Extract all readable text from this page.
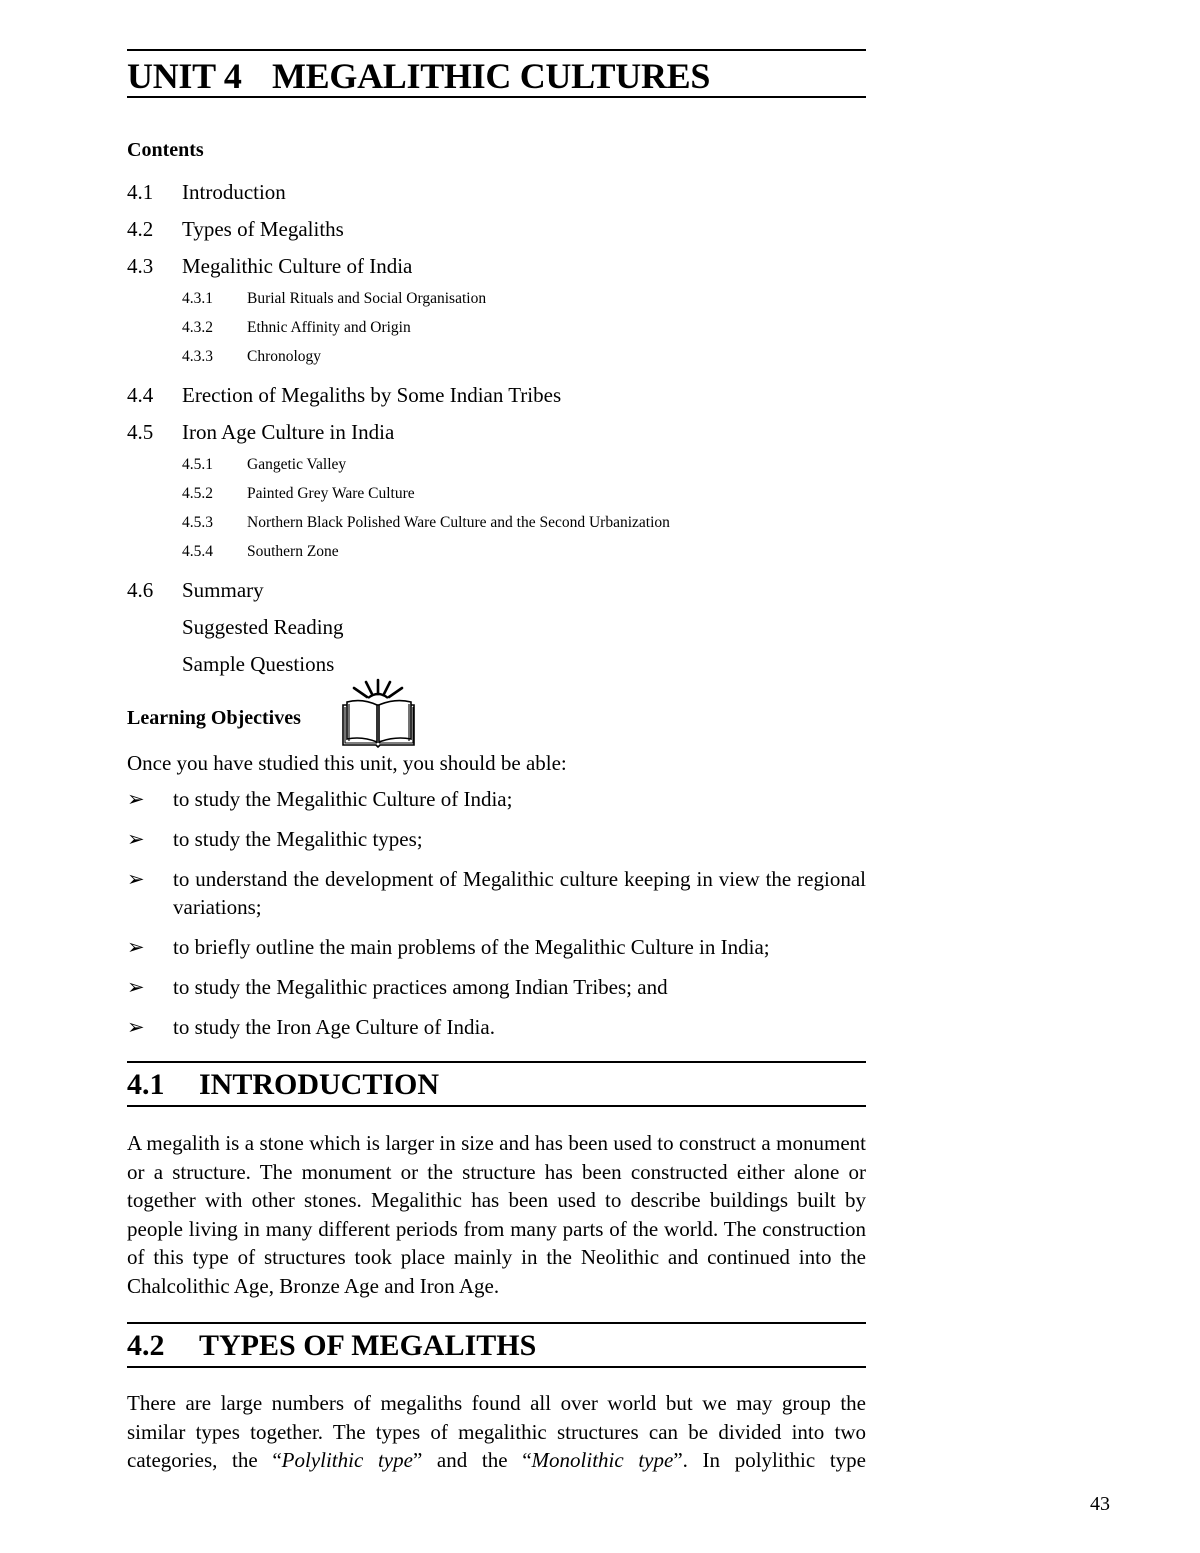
UNIT 4 MEGALITHIC CULTURES
Contents
4.1 Introduction
4.2 Types of Megaliths
4.3 Megalithic Culture of India
4.3.1 Burial Rituals and Social Organisation
4.3.2 Ethnic Affinity and Origin
4.3.3 Chronology
4.4 Erection of Megaliths by Some Indian Tribes
4.5 Iron Age Culture in India
4.5.1 Gangetic Valley
4.5.2 Painted Grey Ware Culture
4.5.3 Northern Black Polished Ware Culture and the Second Urbanization
4.5.4 Southern Zone
4.6 Summary
Suggested Reading
Sample Questions
Learning Objectives
Once you have studied this unit, you should be able:
➢ to study the Megalithic Culture of India;
➢ to study the Megalithic types;
➢ to understand the development of Megalithic culture keeping in view the regional variations;
➢ to briefly outline the main problems of the Megalithic Culture in India;
➢ to study the Megalithic practices among Indian Tribes; and
➢ to study the Iron Age Culture of India.
4.1 INTRODUCTION

A megalith is a stone which is larger in size and has been used to construct a monument or a structure. The monument or the structure has been constructed either alone or together with other stones. Megalithic has been used to describe buildings built by people living in many different periods from many parts of the world. The construction of this type of structures took place mainly in the Neolithic and continued into the Chalcolithic Age, Bronze Age and Iron Age.

4.2 TYPES OF MEGALITHS

There are large numbers of megaliths found all over world but we may group the similar types together. The types of megalithic structures can be divided into two categories, the “Polylithic type” and the “Monolithic type”. In polylithic type

43
